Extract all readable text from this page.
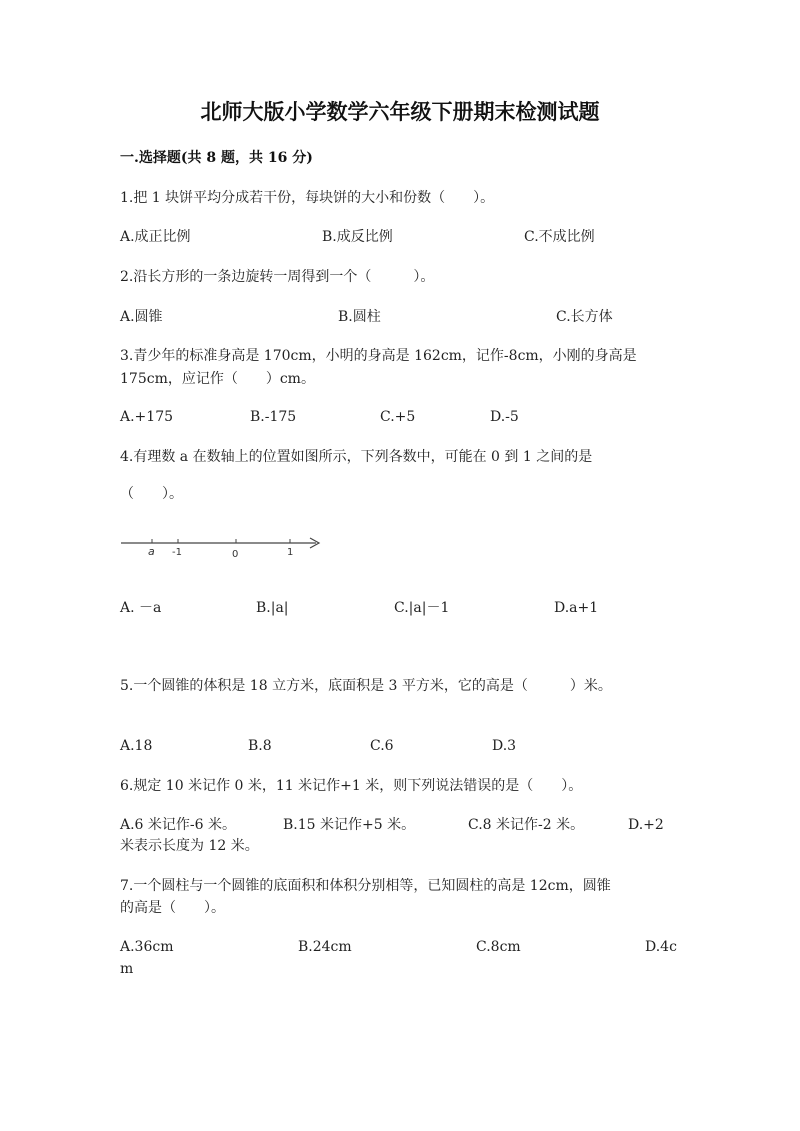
北师大版小学数学六年级下册期末检测试题
一.选择题(共 8 题，共 16 分)
1.把 1 块饼平均分成若干份，每块饼的大小和份数（　　）。
A.成正比例	B.成反比例	C.不成比例
2.沿长方形的一条边旋转一周得到一个（　　　）。
A.圆锥	B.圆柱	C.长方体
3.青少年的标准身高是 170cm，小明的身高是 162cm，记作-8cm，小刚的身高是
175cm，应记作（　　）cm。
A.+175	B.-175	C.+5	D.-5
4.有理数 a 在数轴上的位置如图所示，下列各数中，可能在 0 到 1 之间的是
（　　）。
a -1	0	1
A. －a	B.|a|	C.|a|－1	D.a+1
5.一个圆锥的体积是 18 立方米，底面积是 3 平方米，它的高是（　　　）米。
A.18	B.8	C.6	D.3
6.规定 10 米记作 0 米，11 米记作+1 米，则下列说法错误的是（　　）。
A.6 米记作-6 米。	B.15 米记作+5 米。	C.8 米记作-2 米。	D.+2
米表示长度为 12 米。
7.一个圆柱与一个圆锥的底面积和体积分别相等，已知圆柱的高是 12cm，圆锥
的高是（　　）。
A.36cm	B.24cm	C.8cm	D.4c
m
